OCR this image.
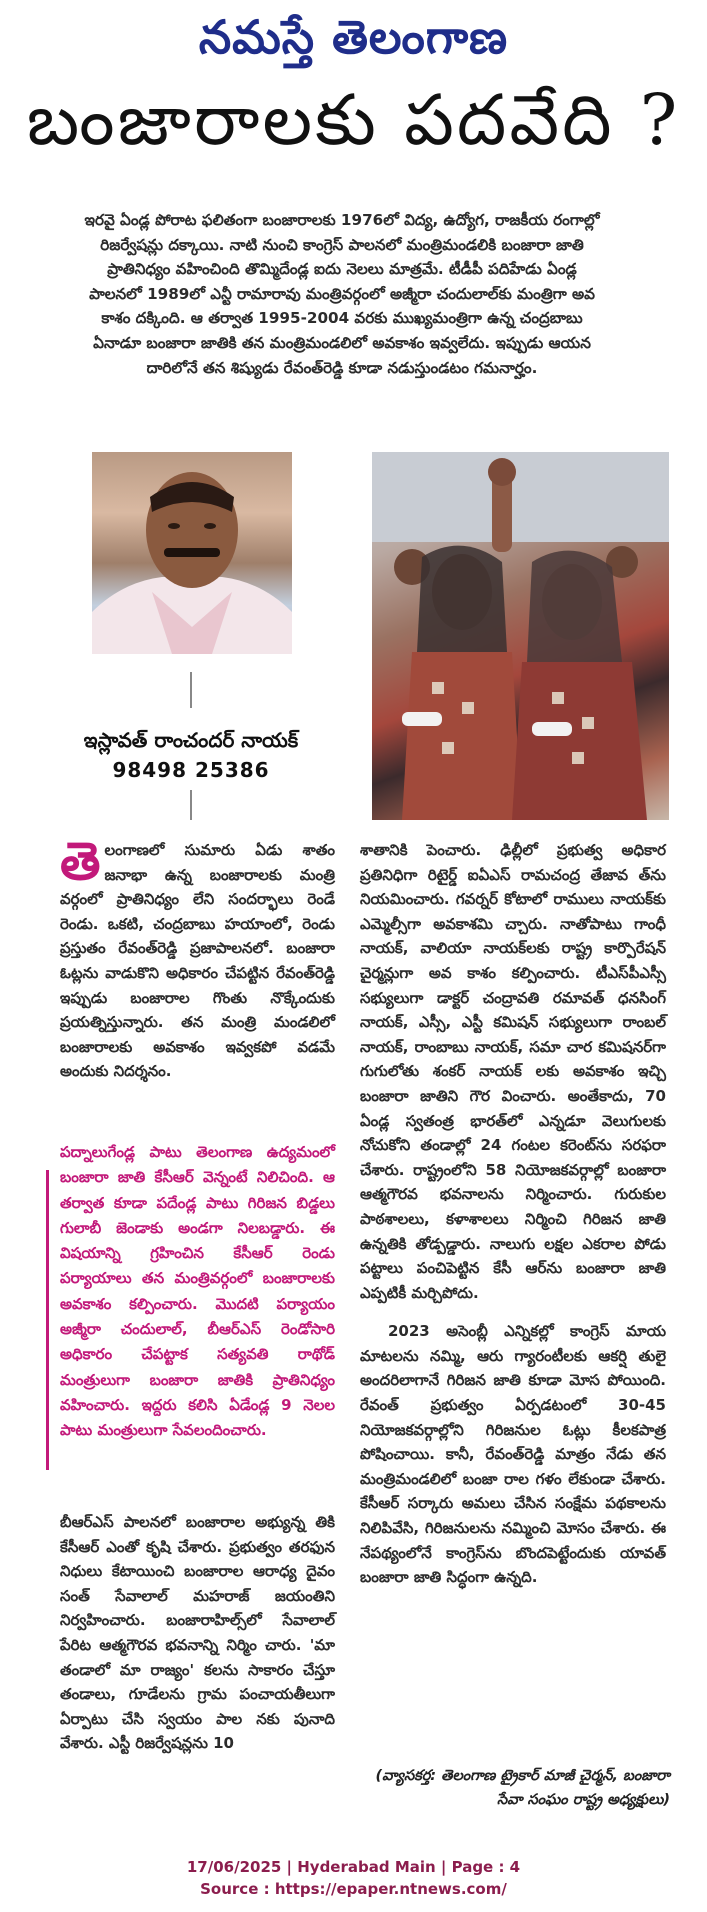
నమస్తే తెలంగాణ
బంజారాలకు పదవేది ?
ఇరవై ఏండ్ల పోరాట ఫలితంగా బంజారాలకు 1976లో విద్య, ఉద్యోగ, రాజకీయ రంగాల్లో రిజర్వేషన్లు దక్కాయి. నాటి నుంచి కాంగ్రెస్ పాలనలో మంత్రిమండలికి బంజారా జాతి ప్రాతినిధ్యం వహించింది తొమ్మిదేండ్ల ఐదు నెలలు మాత్రమే. టీడీపీ పదిహేడు ఏండ్ల పాలనలో 1989లో ఎన్టీ రామారావు మంత్రివర్గంలో అజ్మీరా చందులాల్‌కు మంత్రిగా అవ కాశం దక్కింది. ఆ తర్వాత 1995-2004 వరకు ముఖ్యమంత్రిగా ఉన్న చంద్రబాబు ఏనాడూ బంజారా జాతికి తన మంత్రిమండలిలో అవకాశం ఇవ్వలేదు. ఇప్పుడు ఆయన దారిలోనే తన శిష్యుడు రేవంత్‌రెడ్డి కూడా నడుస్తుండటం గమనార్హం.
ఇస్లావత్ రాంచందర్ నాయక్
98498 25386

తెలంగాణలో సుమారు ఏడు శాతం జనాభా ఉన్న బంజారాలకు మంత్రి వర్గంలో ప్రాతినిధ్యం లేని సందర్భాలు రెండే రెండు. ఒకటి, చంద్రబాబు హయాంలో, రెండు ప్రస్తుతం రేవంత్‌రెడ్డి ప్రజాపాలనలో. బంజారా ఓట్లను వాడుకొని అధికారం చేపట్టిన రేవంత్‌రెడ్డి ఇప్పుడు బంజారాల గొంతు నొక్కేందుకు ప్రయత్నిస్తున్నారు. తన మంత్రి మండలిలో బంజారాలకు అవకాశం ఇవ్వకపో వడమే అందుకు నిదర్శనం.

పద్నాలుగేండ్ల పాటు తెలంగాణ ఉద్యమంలో బంజారా జాతి కేసీఆర్ వెన్నంటే నిలిచింది. ఆ తర్వాత కూడా పదేండ్ల పాటు గిరిజన బిడ్డలు గులాబీ జెండాకు అండగా నిలబడ్డారు. ఈ విషయాన్ని గ్రహించిన కేసీఆర్ రెండు పర్యాయాలు తన మంత్రివర్గంలో బంజారాలకు అవకాశం కల్పించారు. మొదటి పర్యాయం అజ్మీరా చందులాల్, బీఆర్‌ఎస్ రెండోసారి అధికారం చేపట్టాక సత్యవతి రాథోడ్ మంత్రులుగా బంజారా జాతికి ప్రాతినిధ్యం వహించారు. ఇద్దరు కలిసి ఏడేండ్ల 9 నెలల పాటు మంత్రులుగా సేవలందించారు.

బీఆర్‌ఎస్ పాలనలో బంజారాల అభ్యున్న తికి కేసీఆర్ ఎంతో కృషి చేశారు. ప్రభుత్వం తరఫున నిధులు కేటాయించి బంజారాల ఆరాధ్య దైవం సంత్ సేవాలాల్ మహరాజ్ జయంతిని నిర్వహించారు. బంజారాహిల్స్‌లో సేవాలాల్ పేరిట ఆత్మగౌరవ భవనాన్ని నిర్మిం చారు. 'మా తండాలో మా రాజ్యం' కలను సాకారం చేస్తూ తండాలు, గూడేలను గ్రామ పంచాయతీలుగా ఏర్పాటు చేసి స్వయం పాల నకు పునాది వేశారు. ఎస్టీ రిజర్వేషన్లను 10

శాతానికి పెంచారు. ఢిల్లీలో ప్రభుత్వ అధికార ప్రతినిధిగా రిటైర్డ్ ఐఏఎస్ రామచంద్ర తేజావ త్‌ను నియమించారు. గవర్నర్ కోటాలో రాములు నాయక్‌కు ఎమ్మెల్సీగా అవకాశమి చ్చారు. నాతోపాటు గాంధీ నాయక్, వాలియా నాయక్‌లకు రాష్ట్ర కార్పొరేషన్ చైర్మన్లుగా అవ కాశం కల్పించారు. టీఎస్‌పీఎస్సీ సభ్యులుగా డాక్టర్ చంద్రావతి రమావత్ ధనసింగ్ నాయక్, ఎస్సీ, ఎస్టీ కమిషన్ సభ్యులుగా రాంబల్ నాయక్, రాంబాబు నాయక్, సమా చార కమిషనర్‌గా గుగులోతు శంకర్ నాయక్ లకు అవకాశం ఇచ్చి బంజారా జాతిని గౌర వించారు. అంతేకాదు, 70 ఏండ్ల స్వతంత్ర భారత్‌లో ఎన్నడూ వెలుగులకు నోచుకోని తండాల్లో 24 గంటల కరెంట్‌ను సరఫరా చేశారు. రాష్ట్రంలోని 58 నియోజకవర్గాల్లో బంజారా ఆత్మగౌరవ భవనాలను నిర్మించారు. గురుకుల పాఠశాలలు, కళాశాలలు నిర్మించి గిరిజన జాతి ఉన్నతికి తోడ్పడ్డారు. నాలుగు లక్షల ఎకరాల పోడు పట్టాలు పంచిపెట్టిన కేసీ ఆర్‌ను బంజారా జాతి ఎప్పటికీ మర్చిపోదు.

2023 అసెంబ్లీ ఎన్నికల్లో కాంగ్రెస్ మాయ మాటలను నమ్మి, ఆరు గ్యారంటీలకు ఆకర్షి తులై అందరిలాగానే గిరిజన జాతి కూడా మోస పోయింది. రేవంత్ ప్రభుత్వం ఏర్పడటంలో 30-45 నియోజకవర్గాల్లోని గిరిజనుల ఓట్లు కీలకపాత్ర పోషించాయి. కానీ, రేవంత్‌రెడ్డి మాత్రం నేడు తన మంత్రిమండలిలో బంజా రాల గళం లేకుండా చేశారు. కేసీఆర్ సర్కారు అమలు చేసిన సంక్షేమ పథకాలను నిలిపివేసి, గిరిజనులను నమ్మించి మోసం చేశారు. ఈ నేపథ్యంలోనే కాంగ్రెస్‌ను బొందపెట్టేందుకు యావత్ బంజారా జాతి సిద్ధంగా ఉన్నది.

(వ్యాసకర్త: తెలంగాణ ట్రైకార్ మాజీ చైర్మన్, బంజారా సేవా సంఘం రాష్ట్ర అధ్యక్షులు)
17/06/2025 | Hyderabad Main | Page : 4
Source : https://epaper.ntnews.com/
